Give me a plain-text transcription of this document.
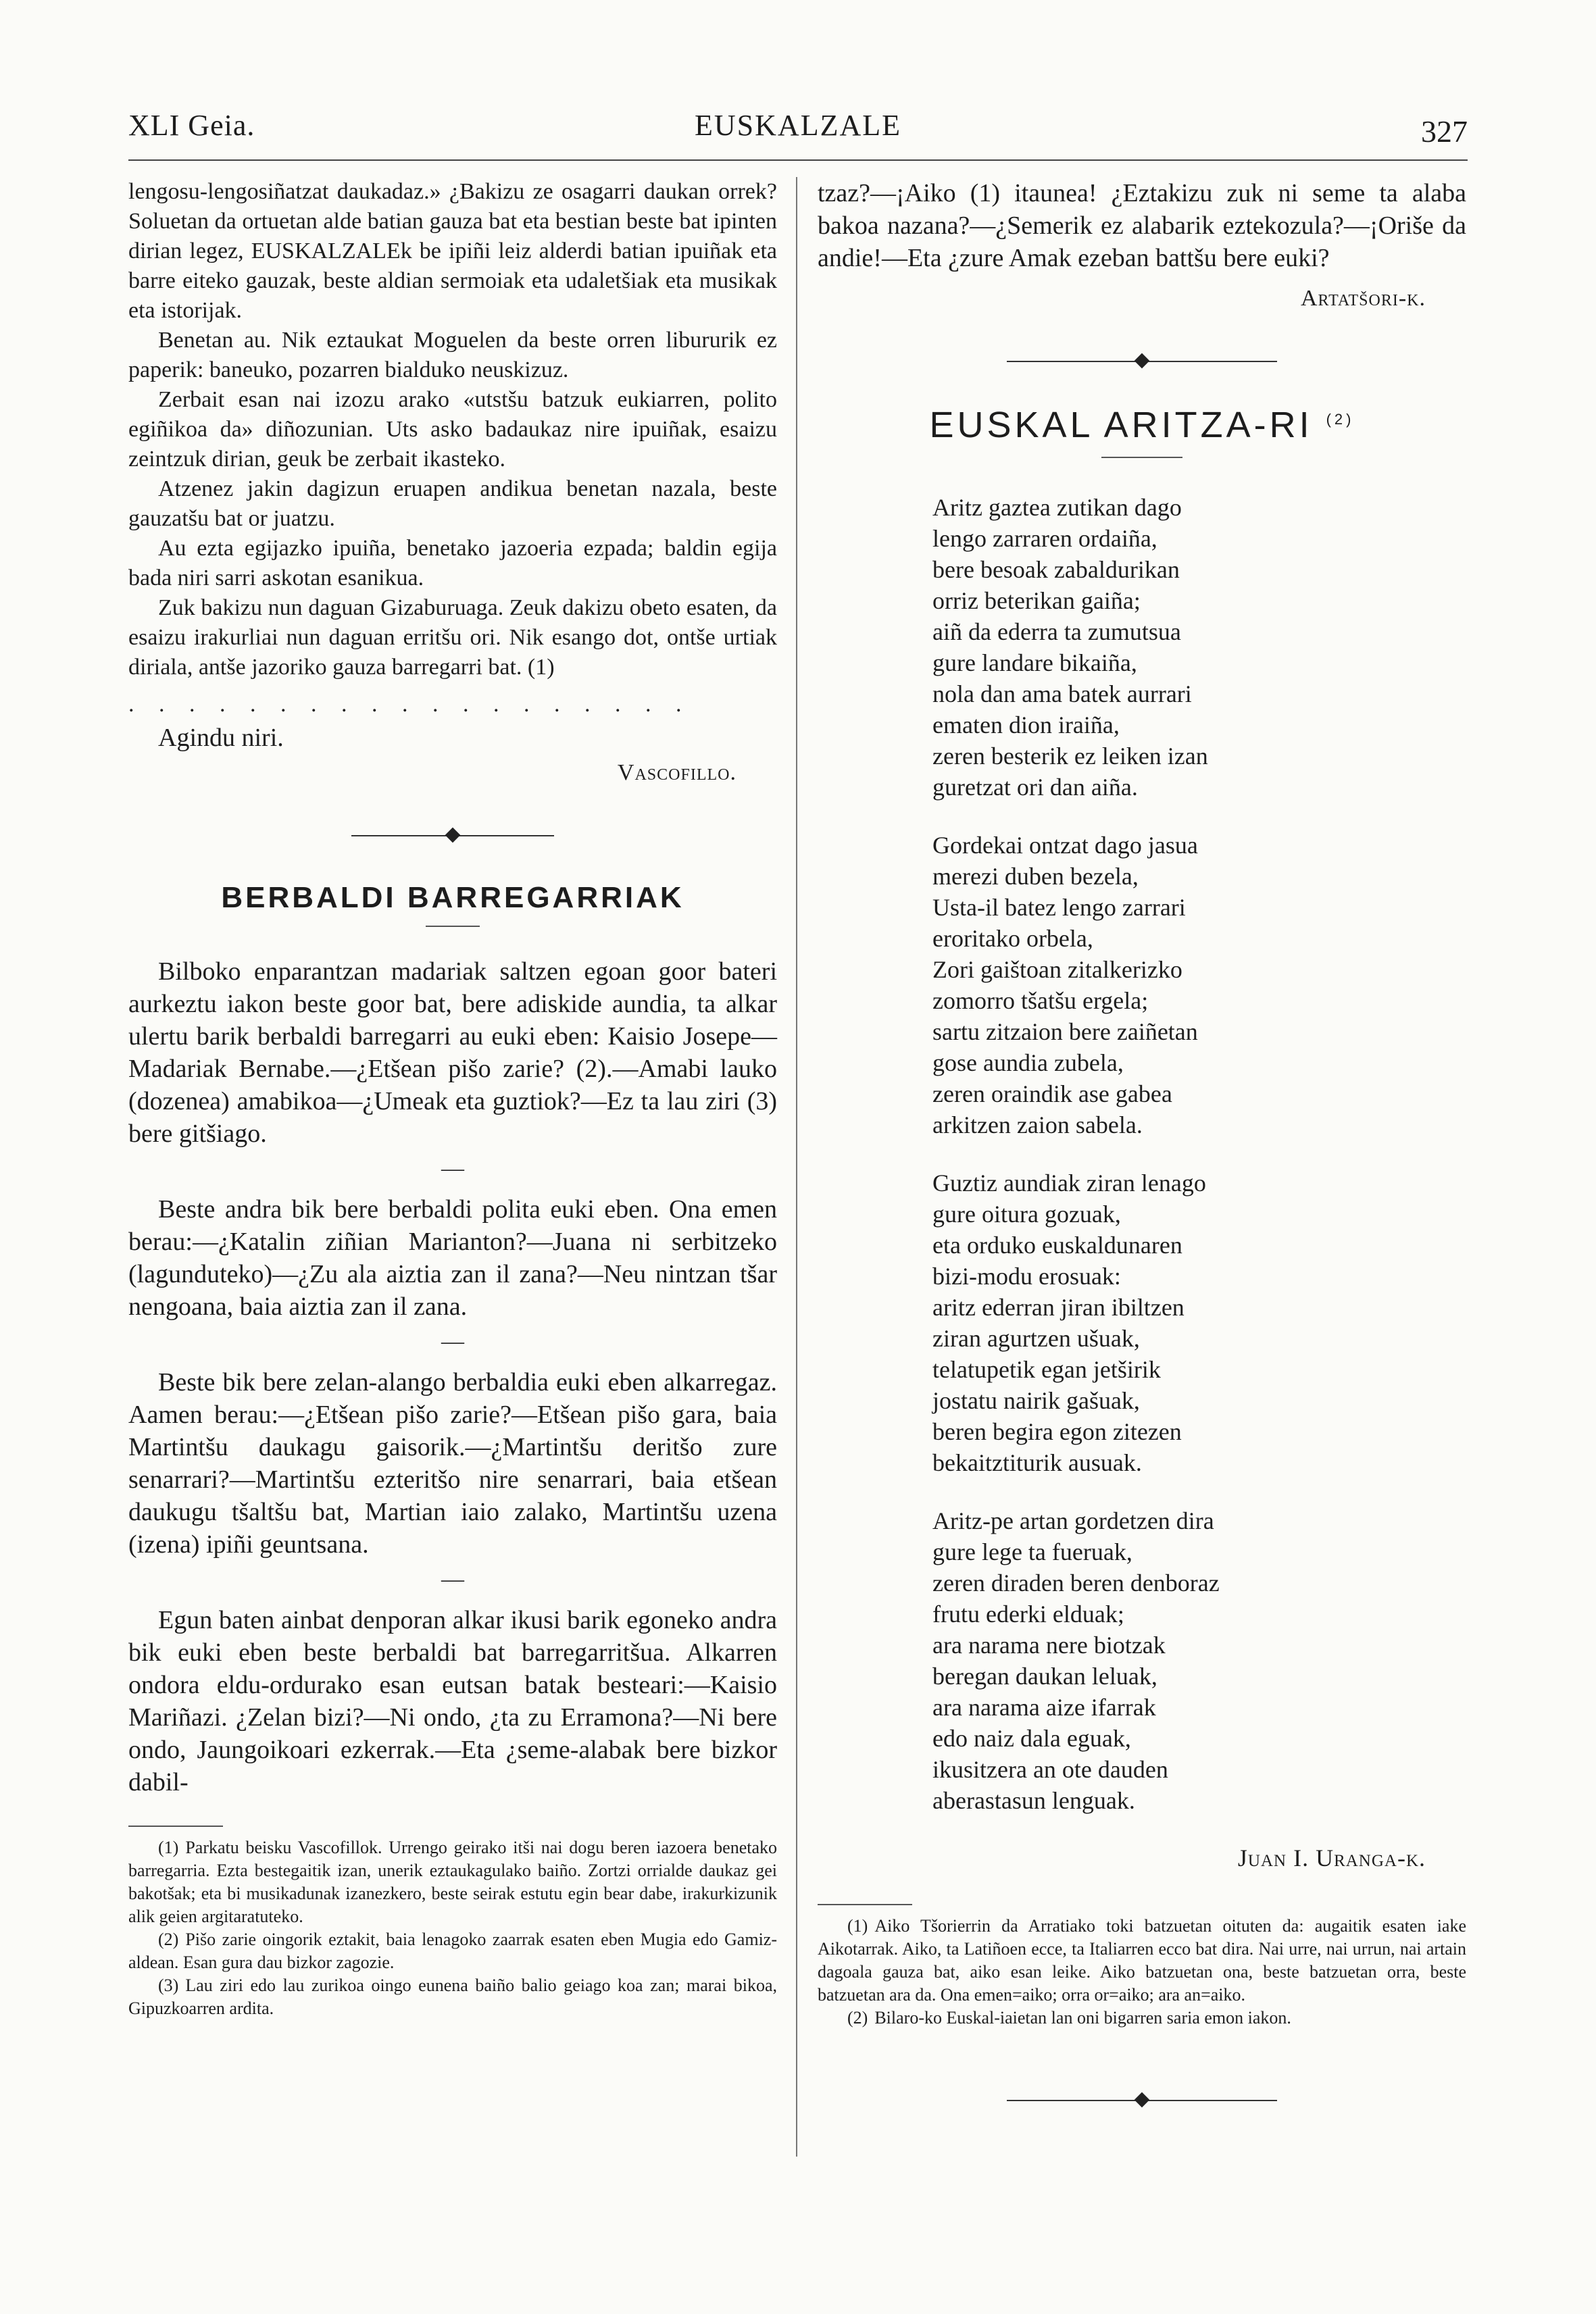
XLI Geia.	EUSKALZALE	327

lengosu-lengosiñatzat daukadaz.» ¿Bakizu ze osagarri daukan orrek? Soluetan da ortuetan alde batian gauza bat eta bestian beste bat ipinten dirian legez, EUSKALZALEk be ipiñi leiz alderdi batian ipuiñak eta barre eiteko gauzak, beste aldian sermoiak eta udaletšiak eta musikak eta istorijak.

Benetan au. Nik eztaukat Moguelen da beste orren libururik ez paperik: baneuko, pozarren bialduko neuskizuz.

Zerbait esan nai izozu arako «utstšu batzuk eukiarren, polito egiñikoa da» diñozunian. Uts asko badaukaz nire ipuiñak, esaizu zeintzuk dirian, geuk be zerbait ikasteko.

Atzenez jakin dagizun eruapen andikua benetan nazala, beste gauzatšu bat or juatzu.

Au ezta egijazko ipuiña, benetako jazoeria ezpada; baldin egija bada niri sarri askotan esanikua.

Zuk bakizu nun daguan Gizaburuaga. Zeuk dakizu obeto esaten, da esaizu irakurliai nun daguan erritšu ori. Nik esango dot, ontše urtiak diriala, antše jazoriko gauza barregarri bat. (1)

. . . . . . . . . . . . . . . . . . .

Agindu niri.

Vascofillo.

BERBALDI BARREGARRIAK

Bilboko enparantzan madariak saltzen egoan goor bateri aurkeztu iakon beste goor bat, bere adiskide aundia, ta alkar ulertu barik berbaldi barregarri au euki eben: Kaisio Josepe—Madariak Bernabe.—¿Etšean pišo zarie? (2).—Amabi lauko (dozenea) amabikoa—¿Umeak eta guztiok?—Ez ta lau ziri (3) bere gitšiago.

—

Beste andra bik bere berbaldi polita euki eben. Ona emen berau:—¿Katalin ziñian Marianton?—Juana ni serbitzeko (lagunduteko)—¿Zu ala aiztia zan il zana?—Neu nintzan tšar nengoana, baia aiztia zan il zana.

—

Beste bik bere zelan-alango berbaldia euki eben alkarregaz. Aamen berau:—¿Etšean pišo zarie?—Etšean pišo gara, baia Martintšu daukagu gaisorik.—¿Martintšu deritšo zure senarrari?—Martintšu ezteritšo nire senarrari, baia etšean daukugu tšaltšu bat, Martian iaio zalako, Martintšu uzena (izena) ipiñi geuntsana.

—

Egun baten ainbat denporan alkar ikusi barik egoneko andra bik euki eben beste berbaldi bat barregarritšua. Alkarren ondora eldu-ordurako esan eutsan batak besteari:—Kaisio Mariñazi. ¿Zelan bizi?—Ni ondo, ¿ta zu Erramona?—Ni bere ondo, Jaungoikoari ezkerrak.—Eta ¿seme-alabak bere bizkor dabil-

(1) Parkatu beisku Vascofillok. Urrengo geirako itši nai dogu beren iazoera benetako barregarria. Ezta bestegaitik izan, unerik eztaukagulako baiño. Zortzi orrialde daukaz gei bakotšak; eta bi musikadunak izanezkero, beste seirak estutu egin bear dabe, irakurkizunik alik geien argitaratuteko.

(2) Pišo zarie oingorik eztakit, baia lenagoko zaarrak esaten eben Mugia edo Gamiz-aldean. Esan gura dau bizkor zagozie.

(3) Lau ziri edo lau zurikoa oingo eunena baiño balio geiago koa zan; marai bikoa, Gipuzkoarren ardita.

tzaz?—¡Aiko (1) itaunea! ¿Eztakizu zuk ni seme ta alaba bakoa nazana?—¿Semerik ez alabarik eztekozula?—¡Oriše da andie!—Eta ¿zure Amak ezeban battšu bere euki?

Artatšori-k.

EUSKAL ARITZA-RI $^{(2)}$
Aritz gaztea zutikan dago
lengo zarraren ordaiña,
bere besoak zabaldurikan
orriz beterikan gaiña;
aiñ da ederra ta zumutsua
gure landare bikaiña,
nola dan ama batek aurrari
ematen dion iraiña,
zeren besterik ez leiken izan
guretzat ori dan aiña.
Gordekai ontzat dago jasua
merezi duben bezela,
Usta-il batez lengo zarrari
eroritako orbela,
Zori gaištoan zitalkerizko
zomorro tšatšu ergela;
sartu zitzaion bere zaiñetan
gose aundia zubela,
zeren oraindik ase gabea
arkitzen zaion sabela.
Guztiz aundiak ziran lenago
gure oitura gozuak,
eta orduko euskaldunaren
bizi-modu erosuak:
aritz ederran jiran ibiltzen
ziran agurtzen ušuak,
telatupetik egan jetširik
jostatu nairik gašuak,
beren begira egon zitezen
bekaitztiturik ausuak.
Aritz-pe artan gordetzen dira
gure lege ta fueruak,
zeren diraden beren denboraz
frutu ederki elduak;
ara narama nere biotzak
beregan daukan leluak,
ara narama aize ifarrak
edo naiz dala eguak,
ikusitzera an ote dauden
aberastasun lenguak.

Juan I. Uranga-k.

(1) Aiko Tšorierrin da Arratiako toki batzuetan oituten da: augaitik esaten iake Aikotarrak. Aiko, ta Latiñoen ecce, ta Italiarren ecco bat dira. Nai urre, nai urrun, nai artain dagoala gauza bat, aiko esan leike. Aiko batzuetan ona, beste batzuetan orra, beste batzuetan ara da. Ona emen=aiko; orra or=aiko; ara an=aiko.

(2) Bilaro-ko Euskal-iaietan lan oni bigarren saria emon iakon.
